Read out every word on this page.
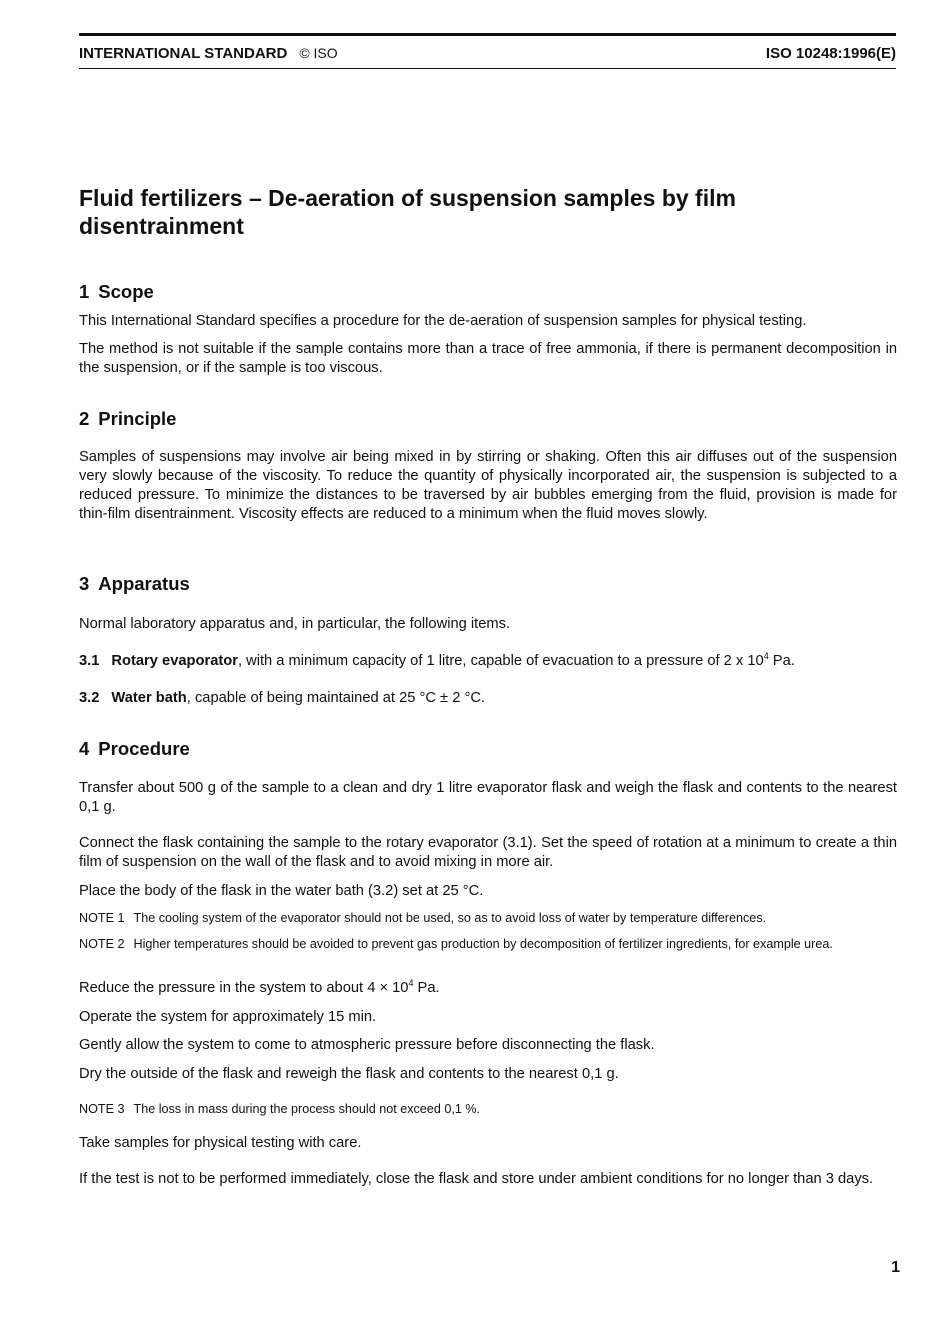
INTERNATIONAL STANDARD © ISO	ISO 10248:1996(E)
Fluid fertilizers – De-aeration of suspension samples by film disentrainment
1 Scope

This International Standard specifies a procedure for the de-aeration of suspension samples for physical testing.

The method is not suitable if the sample contains more than a trace of free ammonia, if there is permanent decomposition in the suspension, or if the sample is too viscous.

2 Principle

Samples of suspensions may involve air being mixed in by stirring or shaking. Often this air diffuses out of the suspension very slowly because of the viscosity. To reduce the quantity of physically incorporated air, the suspension is subjected to a reduced pressure. To minimize the distances to be traversed by air bubbles emerging from the fluid, provision is made for thin-film disentrainment. Viscosity effects are reduced to a minimum when the fluid moves slowly.

3 Apparatus

Normal laboratory apparatus and, in particular, the following items.

3.1 Rotary evaporator, with a minimum capacity of 1 litre, capable of evacuation to a pressure of 2 x $10^4$ Pa.

3.2 Water bath, capable of being maintained at 25 °C ± 2 °C.

4 Procedure

Transfer about 500 g of the sample to a clean and dry 1 litre evaporator flask and weigh the flask and contents to the nearest 0,1 g.

Connect the flask containing the sample to the rotary evaporator (3.1). Set the speed of rotation at a minimum to create a thin film of suspension on the wall of the flask and to avoid mixing in more air.

Place the body of the flask in the water bath (3.2) set at 25 °C.

NOTE 1 The cooling system of the evaporator should not be used, so as to avoid loss of water by temperature differences.

NOTE 2 Higher temperatures should be avoided to prevent gas production by decomposition of fertilizer ingredients, for example urea.

Reduce the pressure in the system to about $4 \times 10^4$ Pa.

Operate the system for approximately 15 min.

Gently allow the system to come to atmospheric pressure before disconnecting the flask.

Dry the outside of the flask and reweigh the flask and contents to the nearest 0,1 g.

NOTE 3 The loss in mass during the process should not exceed 0,1 %.

Take samples for physical testing with care.

If the test is not to be performed immediately, close the flask and store under ambient conditions for no longer than 3 days.

1
